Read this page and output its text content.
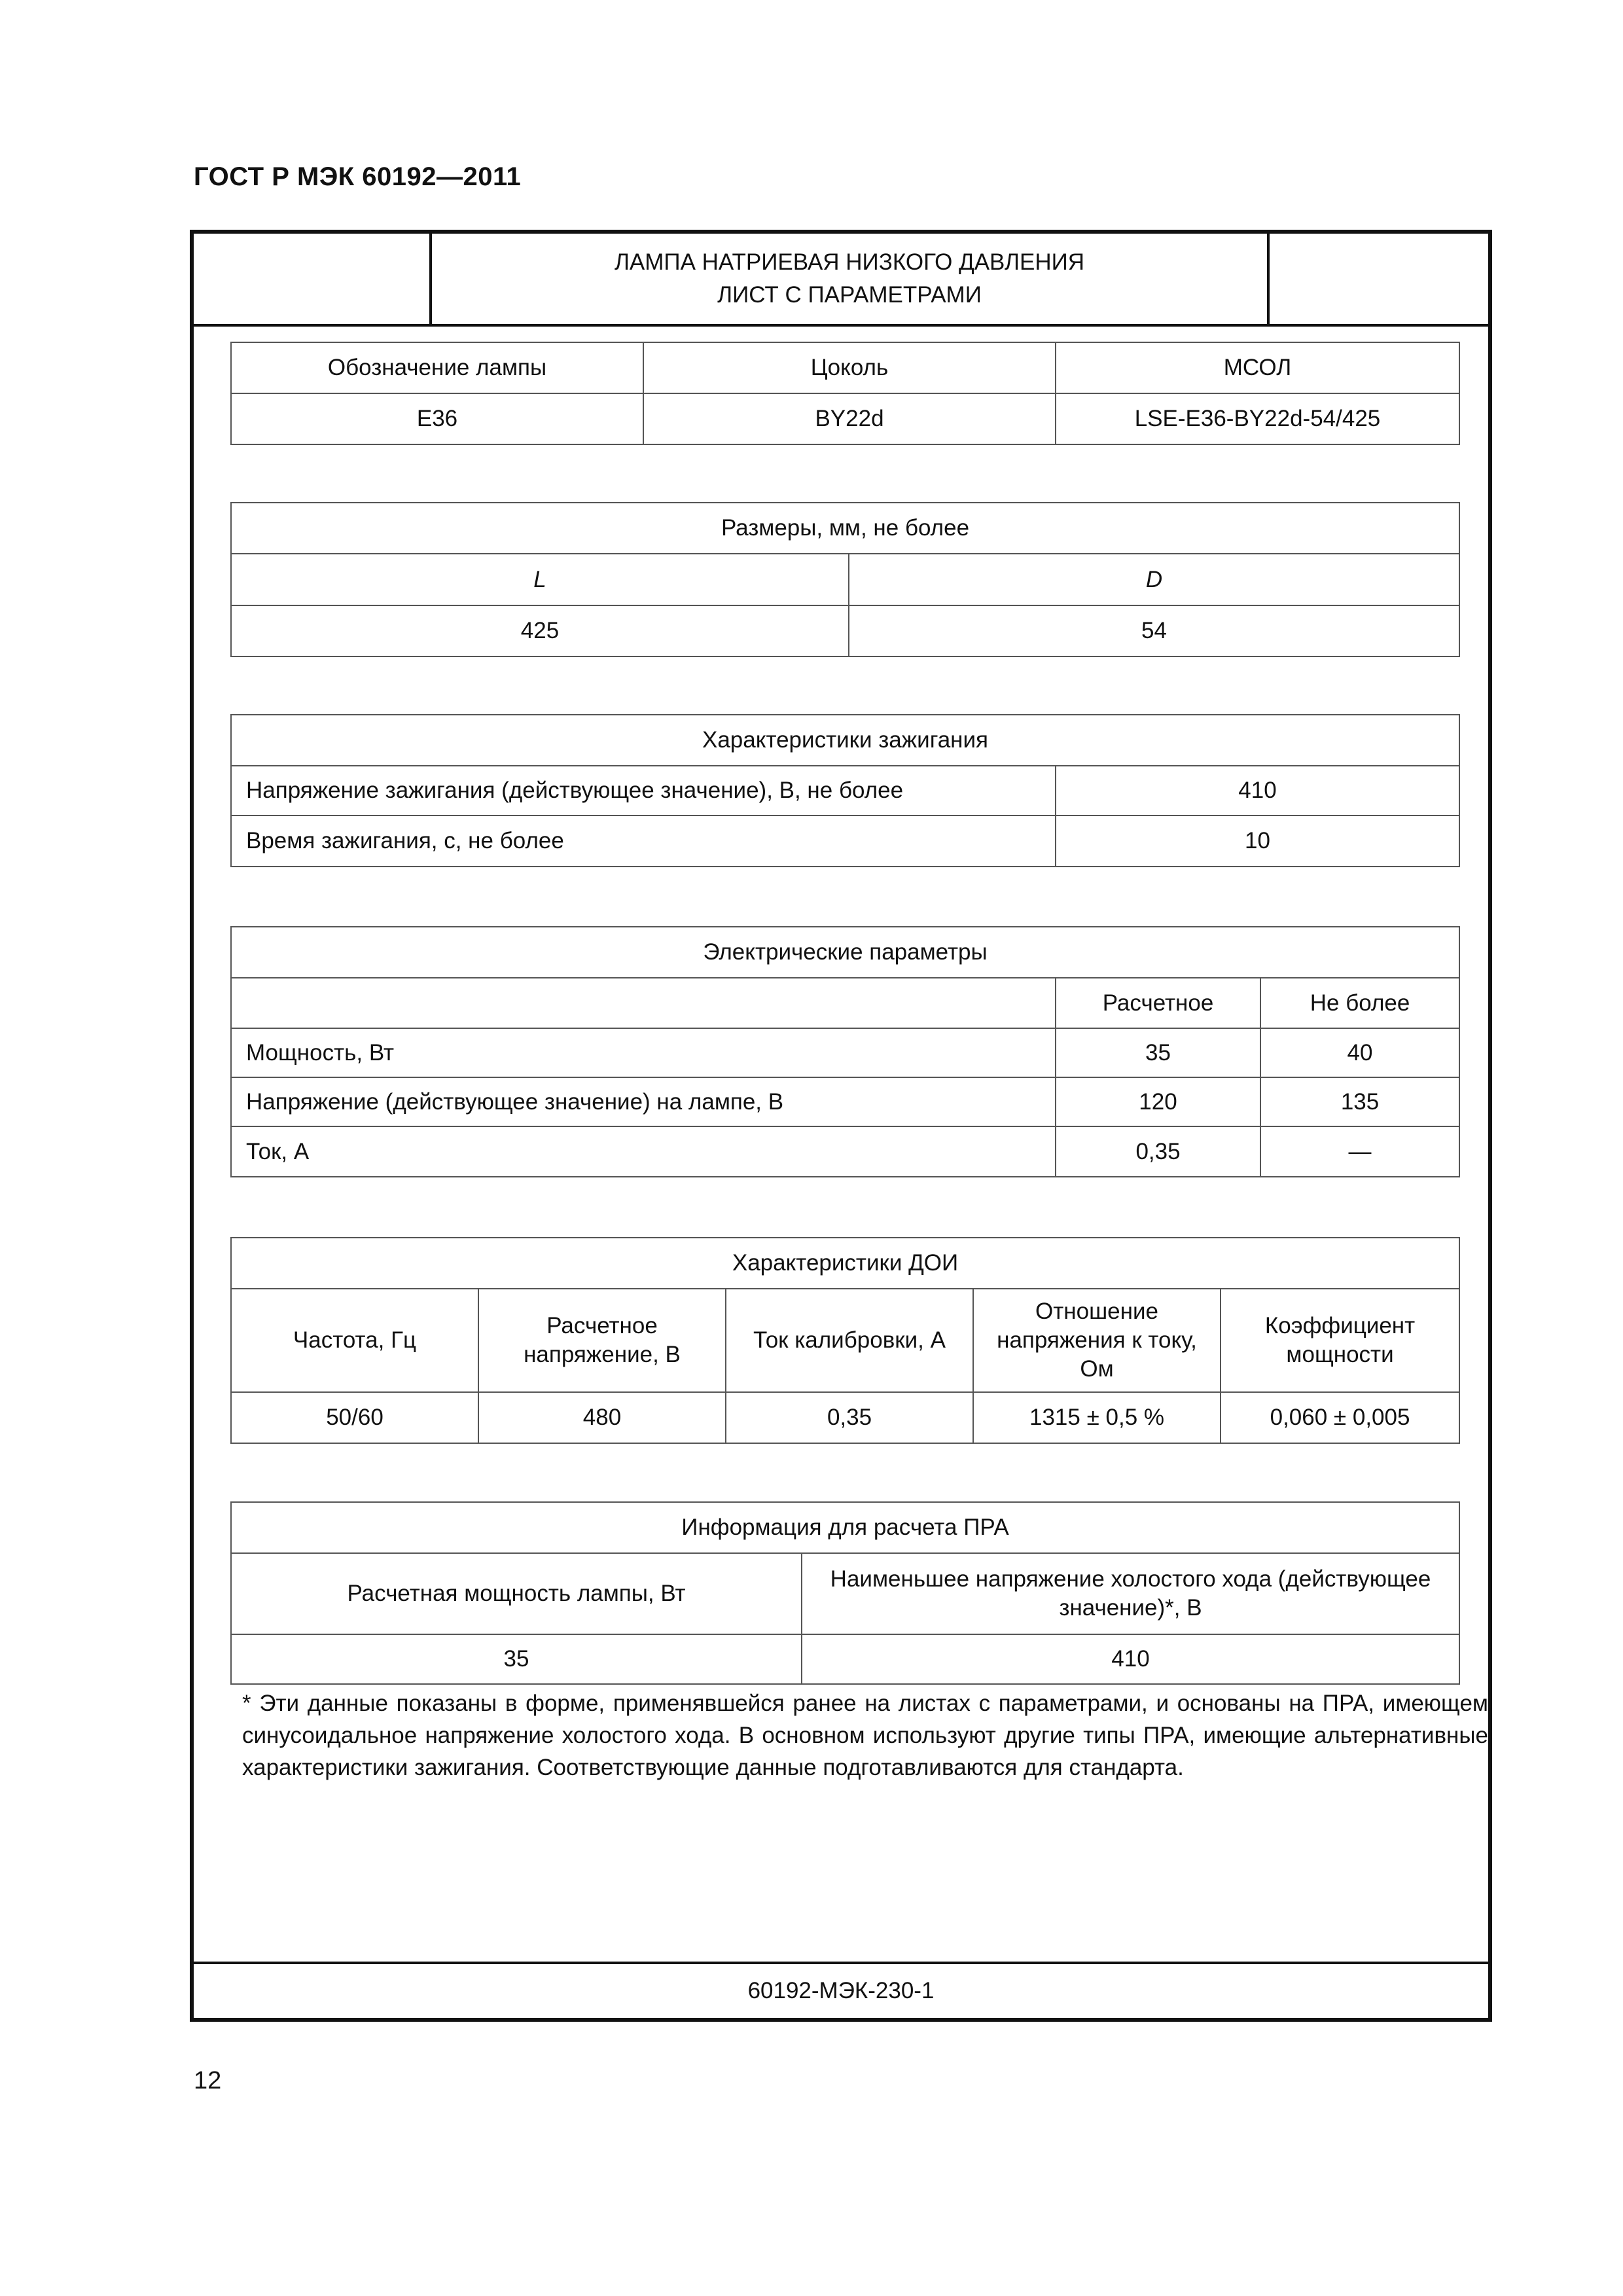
ГОСТ Р МЭК 60192—2011
ЛАМПА НАТРИЕВАЯ НИЗКОГО ДАВЛЕНИЯ
ЛИСТ С ПАРАМЕТРАМИ
Обозначение лампы	Цоколь	МСОЛ
E36	BY22d	LSE-E36-BY22d-54/425
Размеры, мм, не более	
L	D
425	54
Характеристики зажигания	
Напряжение зажигания (действующее значение), В, не более	410
Время зажигания, с, не более	10
Электрические параметры		
	Расчетное	Не более
Мощность, Вт	35	40
Напряжение (действующее значение) на лампе, В	120	135
Ток, А	0,35	—
Характеристики ДОИ				
Частота, Гц	Расчетное напряжение, В	Ток калибровки, А	Отношение напряжения к току, Ом	Коэффициент мощности
50/60	480	0,35	1315 ± 0,5 %	0,060 ± 0,005
Информация для расчета ПРА	
Расчетная мощность лампы, Вт	Наименьшее напряжение холостого хода (действующее значение)*, В
35	410
* Эти данные показаны в форме, применявшейся ранее на листах с параметрами, и основаны на ПРА, имеющем синусоидальное напряжение холостого хода. В основном используют другие типы ПРА, имеющие альтернативные характеристики зажигания. Соответствующие данные подготавливаются для стандарта.
60192-МЭК-230-1
12
